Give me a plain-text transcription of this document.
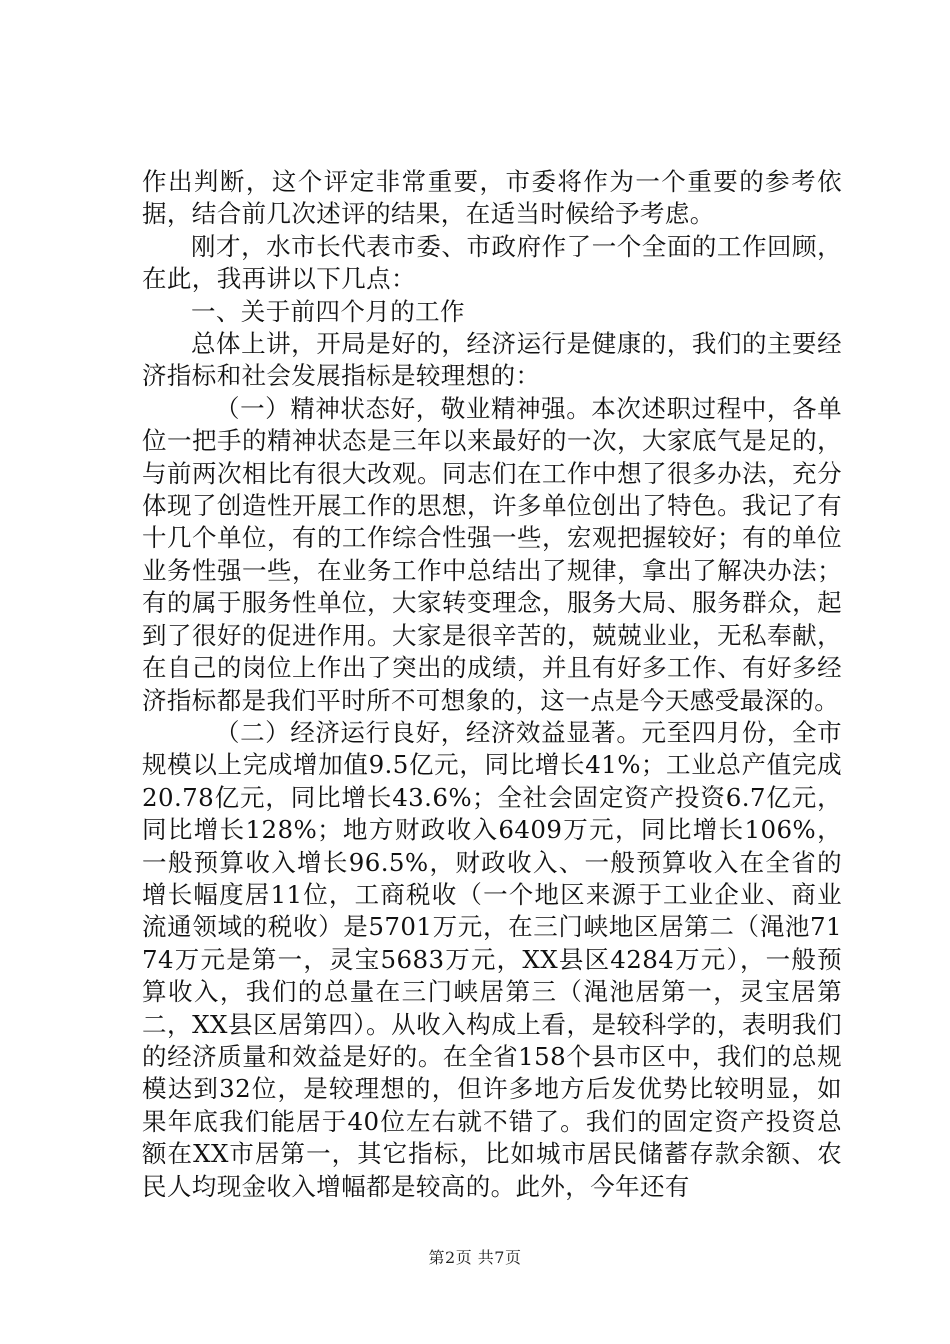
作出判断，这个评定非常重要，市委将作为一个重要的参考依据，结合前几次述评的结果，在适当时候给予考虑。

刚才，水市长代表市委、市政府作了一个全面的工作回顾，在此，我再讲以下几点：

一、关于前四个月的工作

总体上讲，开局是好的，经济运行是健康的，我们的主要经济指标和社会发展指标是较理想的：

（一）精神状态好，敬业精神强。本次述职过程中，各单位一把手的精神状态是三年以来最好的一次，大家底气是足的，与前两次相比有很大改观。同志们在工作中想了很多办法，充分体现了创造性开展工作的思想，许多单位创出了特色。我记了有十几个单位，有的工作综合性强一些，宏观把握较好；有的单位业务性强一些，在业务工作中总结出了规律，拿出了解决办法；有的属于服务性单位，大家转变理念，服务大局、服务群众，起到了很好的促进作用。大家是很辛苦的，兢兢业业，无私奉献，在自己的岗位上作出了突出的成绩，并且有好多工作、有好多经济指标都是我们平时所不可想象的，这一点是今天感受最深的。

（二）经济运行良好，经济效益显著。元至四月份，全市规模以上完成增加值9.5亿元，同比增长41%；工业总产值完成20.78亿元，同比增长43.6%；全社会固定资产投资6.7亿元，同比增长128%；地方财政收入6409万元，同比增长106%，一般预算收入增长96.5%，财政收入、一般预算收入在全省的增长幅度居11位，工商税收（一个地区来源于工业企业、商业流通领域的税收）是5701万元，在三门峡地区居第二（渑池7174万元是第一，灵宝5683万元，XX县区4284万元），一般预算收入，我们的总量在三门峡居第三（渑池居第一，灵宝居第二，XX县区居第四）。从收入构成上看，是较科学的，表明我们的经济质量和效益是好的。在全省158个县市区中，我们的总规模达到32位，是较理想的，但许多地方后发优势比较明显，如果年底我们能居于40位左右就不错了。我们的固定资产投资总额在XX市居第一，其它指标，比如城市居民储蓄存款余额、农民人均现金收入增幅都是较高的。此外，今年还有

第2页 共7页
